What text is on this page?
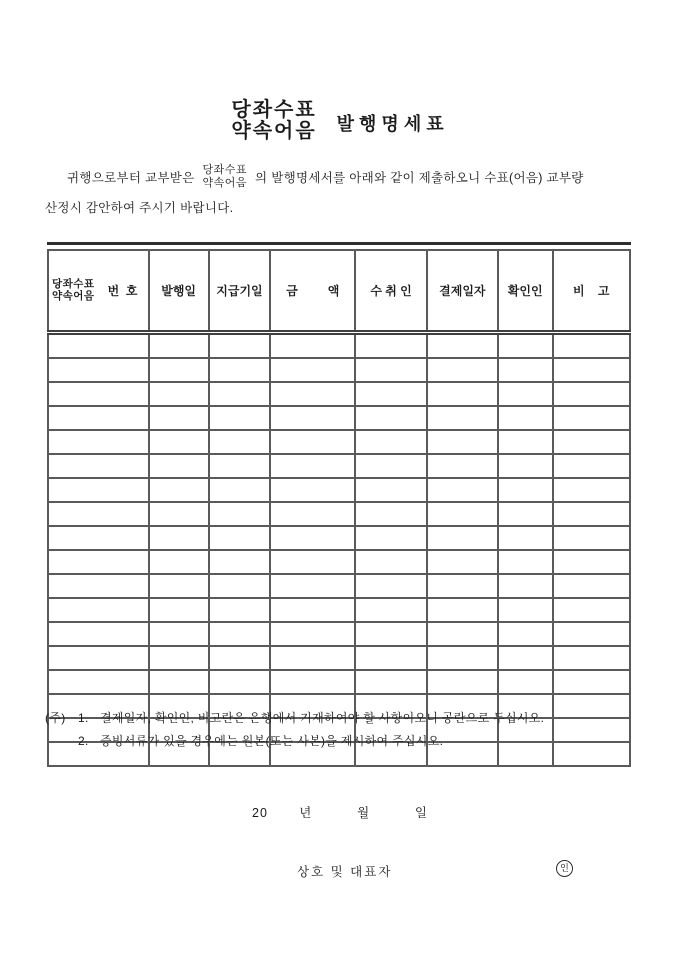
당좌수표
약속어음 발행명세표
귀행으로부터 교부받은
당좌수표
약속어음 의 발행명세서를 아래와 같이 제출하오니 수표(어음) 교부량
산정시 감안하여 주시기 바랍니다.

당좌수표
약속어음 번  호	발행일	지급기일	금         액	수 취 인	결제일자	확인인	비    고

(주)	1. 결제일자, 확인인, 비고란은 은행에서 기재하여야 할 사항이오니 공란으로 두십시오.
2. 증빙서류가 있을 경우에는 원본(또는 사본)을 제시하여 주십시오.
20       년          월          일
상호 및 대표자	인
